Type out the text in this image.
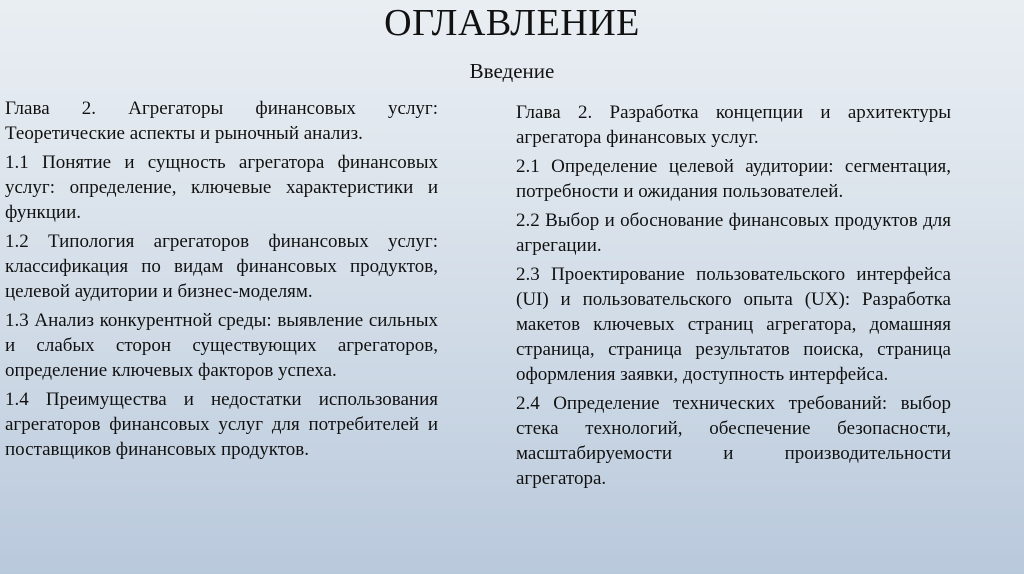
ОГЛАВЛЕНИЕ
Введение

Глава 2. Агрегаторы финансовых услуг: Теоретические аспекты и рыночный анализ.

1.1 Понятие и сущность агрегатора финансовых услуг: определение, ключевые характеристики и функции.

1.2 Типология агрегаторов финансовых услуг: классификация по видам финансовых продуктов, целевой аудитории и бизнес-моделям.

1.3 Анализ конкурентной среды: выявление сильных и слабых сторон существующих агрегаторов, определение ключевых факторов успеха.

1.4 Преимущества и недостатки использования агрегаторов финансовых услуг для потребителей и поставщиков финансовых продуктов.

Глава 2. Разработка концепции и архитектуры агрегатора финансовых услуг.

2.1 Определение целевой аудитории: сегментация, потребности и ожидания пользователей.

2.2 Выбор и обоснование финансовых продуктов для агрегации.

2.3 Проектирование пользовательского интерфейса (UI) и пользовательского опыта (UX): Разработка макетов ключевых страниц агрегатора, домашняя страница, страница результатов поиска, страница оформления заявки, доступность интерфейса.

2.4 Определение технических требований: выбор стека технологий, обеспечение безопасности, масштабируемости и производительности агрегатора.
